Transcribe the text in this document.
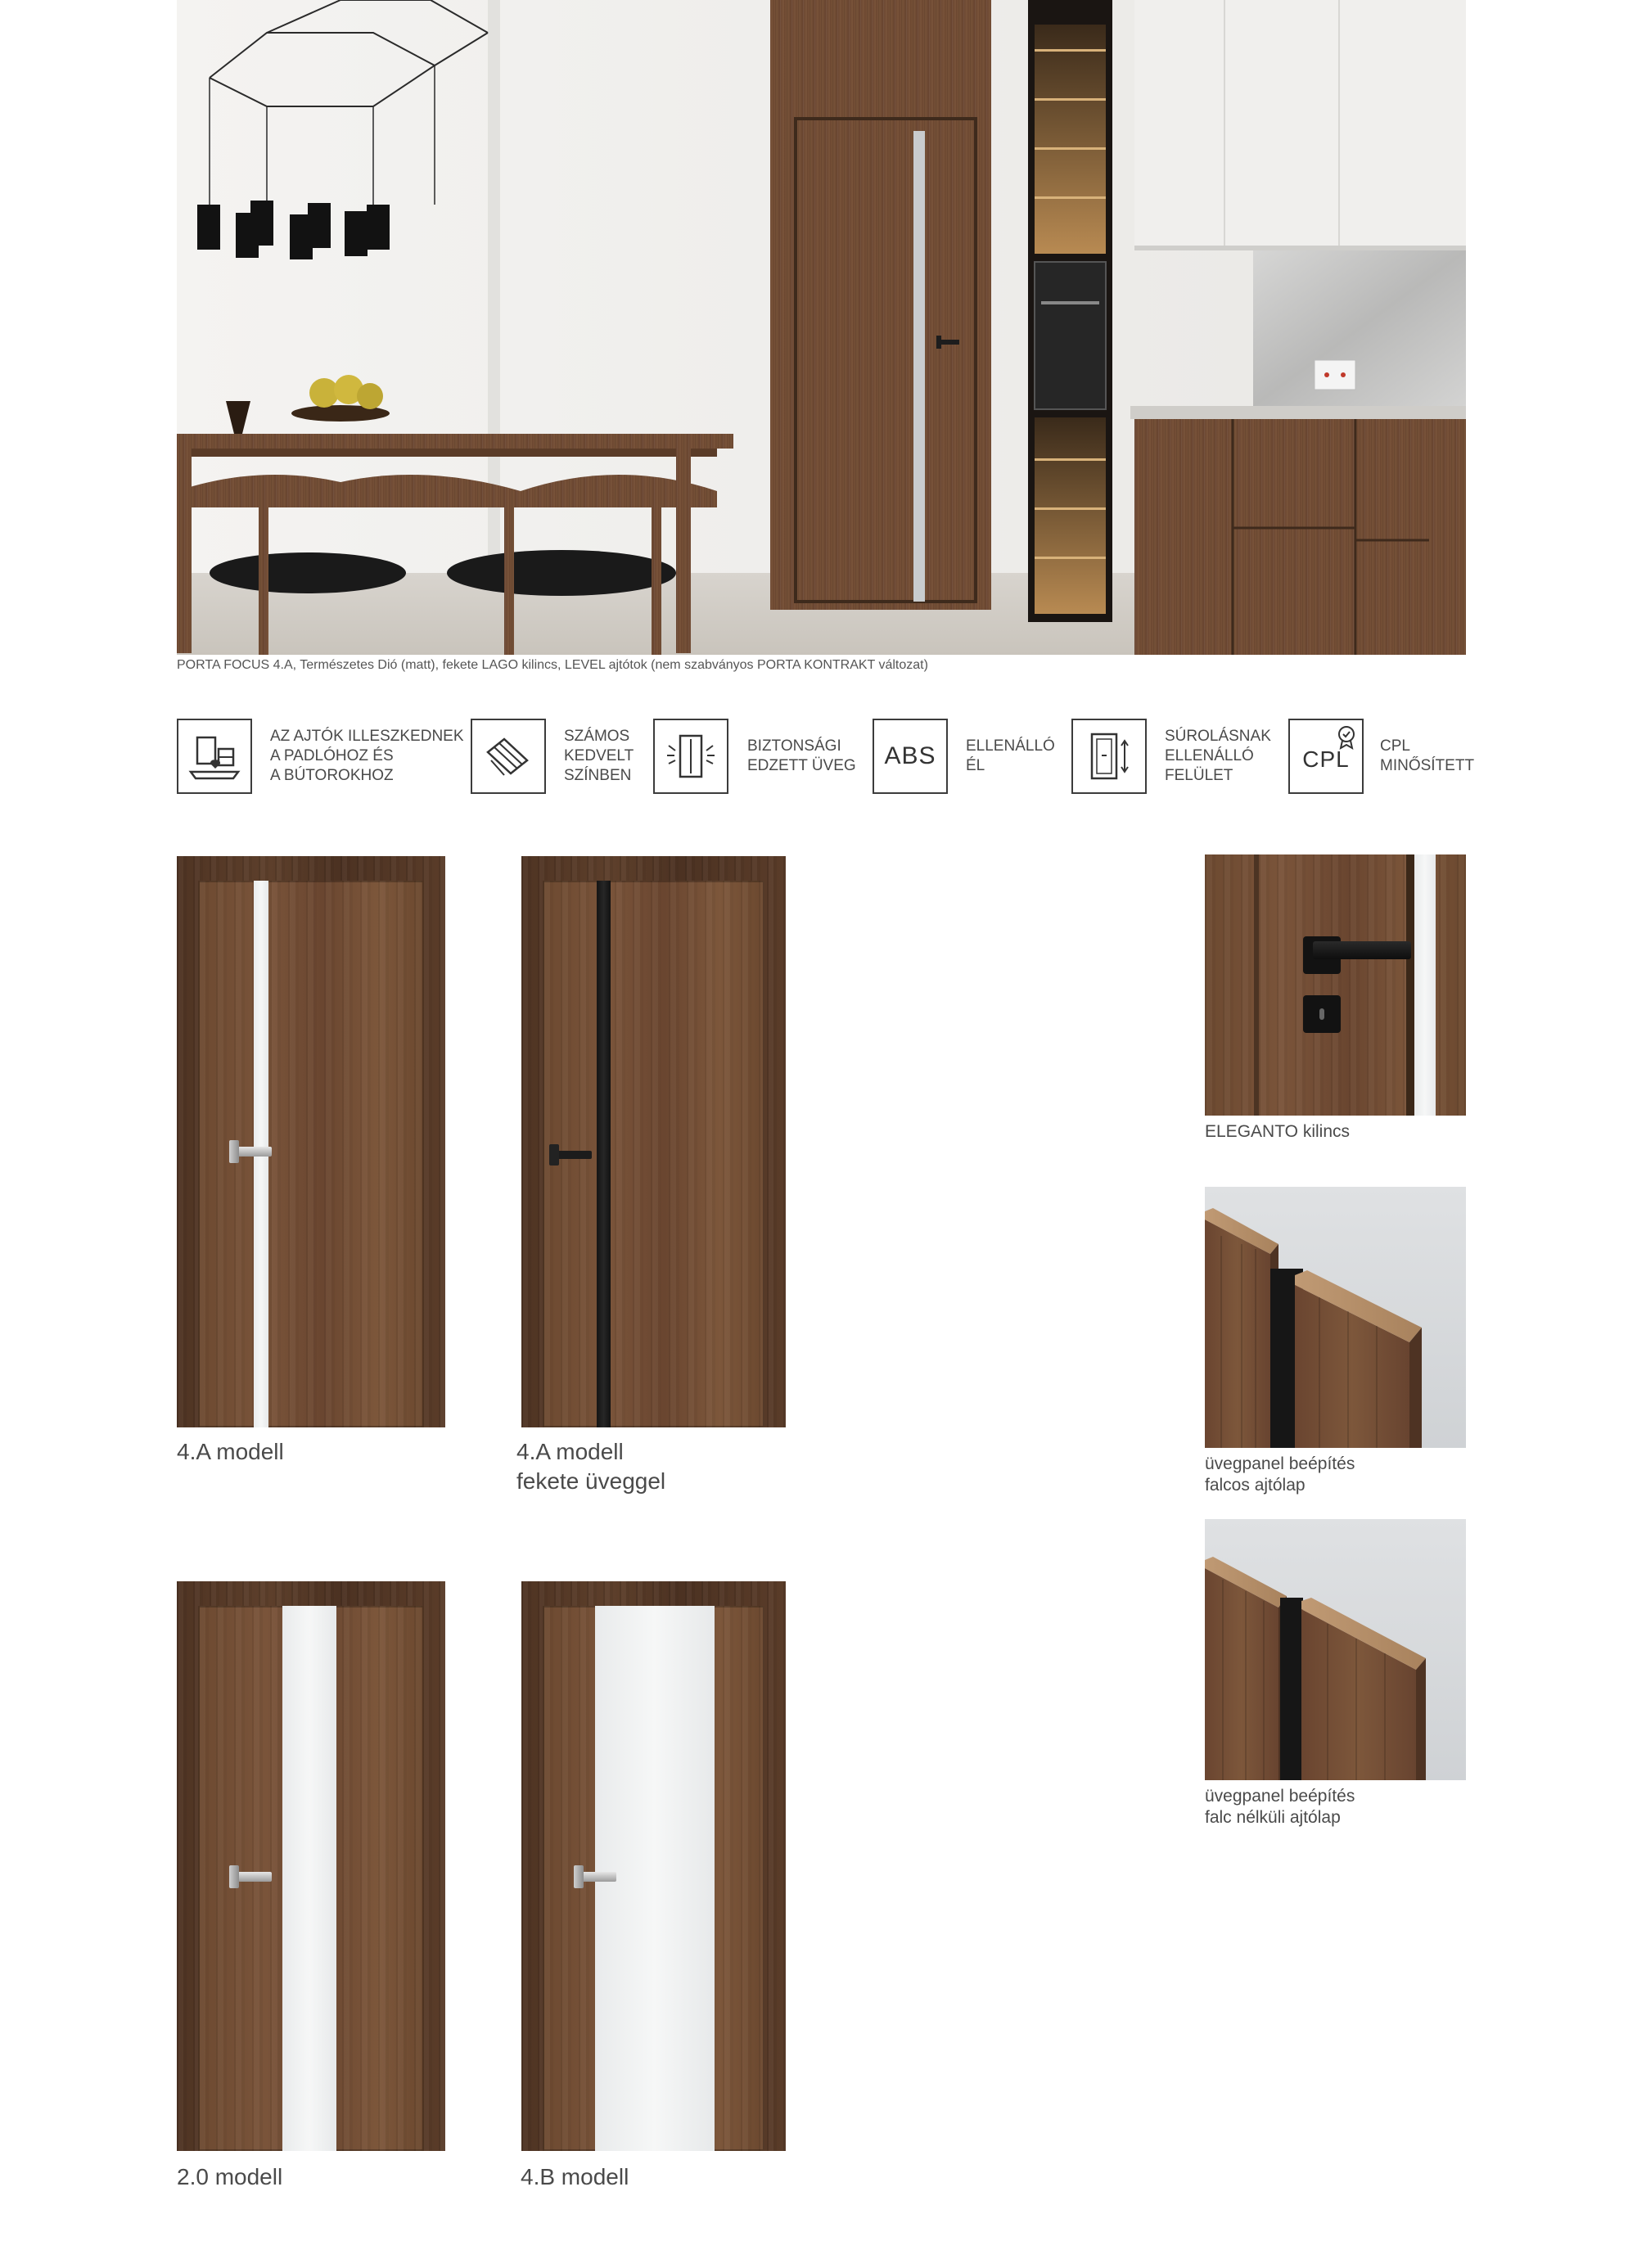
PORTA FOCUS 4.A, Természetes Dió (matt), fekete LAGO kilincs, LEVEL ajtótok (nem szabványos PORTA KONTRAKT változat)
AZ AJTÓK ILLESZKEDNEK
A PADLÓHOZ ÉS
A BÚTOROKHOZ
SZÁMOS
KEDVELT
SZÍNBEN
BIZTONSÁGI
EDZETT ÜVEG ABS ELLENÁLLÓ
ÉL
SÚROLÁSNAK
ELLENÁLLÓ
FELÜLET
CPL
CPL
MINŐSÍTETT
4.A modell	4.A modell
fekete üveggel
2.0 modell	4.B modell
ELEGANTO kilincs
üvegpanel beépítés
falcos ajtólap
üvegpanel beépítés
falc nélküli ajtólap
